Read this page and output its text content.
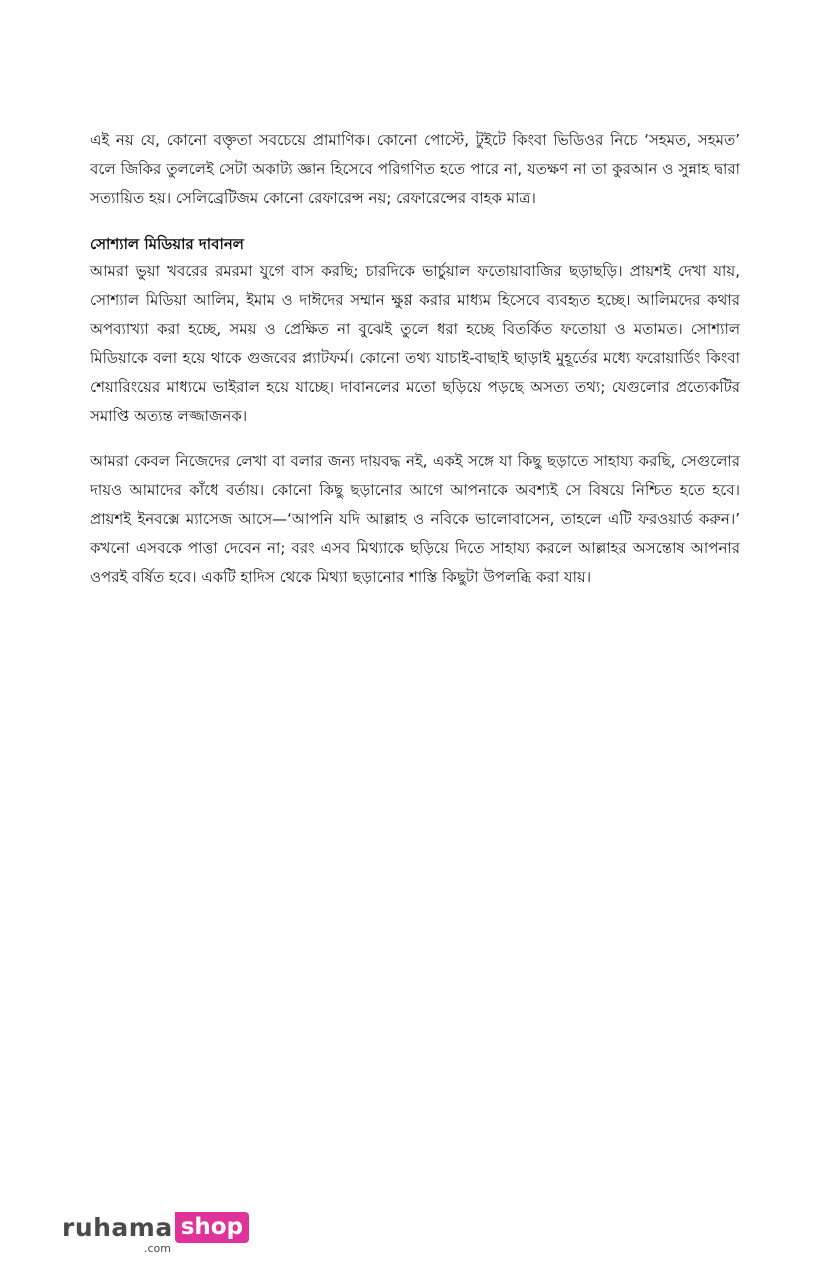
এই নয় যে, কোনো বক্তৃতা সবচেয়ে প্রামাণিক। কোনো পোস্টে, টুইটে কিংবা ভিডিওর নিচে ‘সহমত, সহমত’ বলে জিকির তুললেই সেটা অকাট্য জ্ঞান হিসেবে পরিগণিত হতে পারে না, যতক্ষণ না তা কুরআন ও সুন্নাহ দ্বারা সত্যায়িত হয়। সেলিব্রেটিজম কোনো রেফারেন্স নয়; রেফারেন্সের বাহক মাত্র।

সোশ্যাল মিডিয়ার দাবানল

আমরা ভুয়া খবরের রমরমা যুগে বাস করছি; চারদিকে ভার্চুয়াল ফতোয়াবাজির ছড়াছড়ি। প্রায়শই দেখা যায়, সোশ্যাল মিডিয়া আলিম, ইমাম ও দাঈদের সম্মান ক্ষুণ্ণ করার মাধ্যম হিসেবে ব্যবহৃত হচ্ছে। আলিমদের কথার অপব্যাখ্যা করা হচ্ছে, সময় ও প্রেক্ষিত না বুঝেই তুলে ধরা হচ্ছে বিতর্কিত ফতোয়া ও মতামত। সোশ্যাল মিডিয়াকে বলা হয়ে থাকে গুজবের প্ল্যাটফর্ম। কোনো তথ্য যাচাই-বাছাই ছাড়াই মুহূর্তের মধ্যে ফরোয়ার্ডিং কিংবা শেয়ারিংয়ের মাধ্যমে ভাইরাল হয়ে যাচ্ছে। দাবানলের মতো ছড়িয়ে পড়ছে অসত্য তথ্য; যেগুলোর প্রত্যেকটির সমাপ্তি অত্যন্ত লজ্জাজনক।

আমরা কেবল নিজেদের লেখা বা বলার জন্য দায়বদ্ধ নই, একই সঙ্গে যা কিছু ছড়াতে সাহায্য করছি, সেগুলোর দায়ও আমাদের কাঁধে বর্তায়। কোনো কিছু ছড়ানোর আগে আপনাকে অবশ্যই সে বিষয়ে নিশ্চিত হতে হবে। প্রায়শই ইনবক্সে ম্যাসেজ আসে—‘আপনি যদি আল্লাহ ও নবিকে ভালোবাসেন, তাহলে এটি ফরওয়ার্ড করুন।’ কখনো এসবকে পাত্তা দেবেন না; বরং এসব মিথ্যাকে ছড়িয়ে দিতে সাহায্য করলে আল্লাহর অসন্তোষ আপনার ওপরই বর্ষিত হবে। একটি হাদিস থেকে মিথ্যা ছড়ানোর শাস্তি কিছুটা উপলব্ধি করা যায়।

ruhama shop
.com
